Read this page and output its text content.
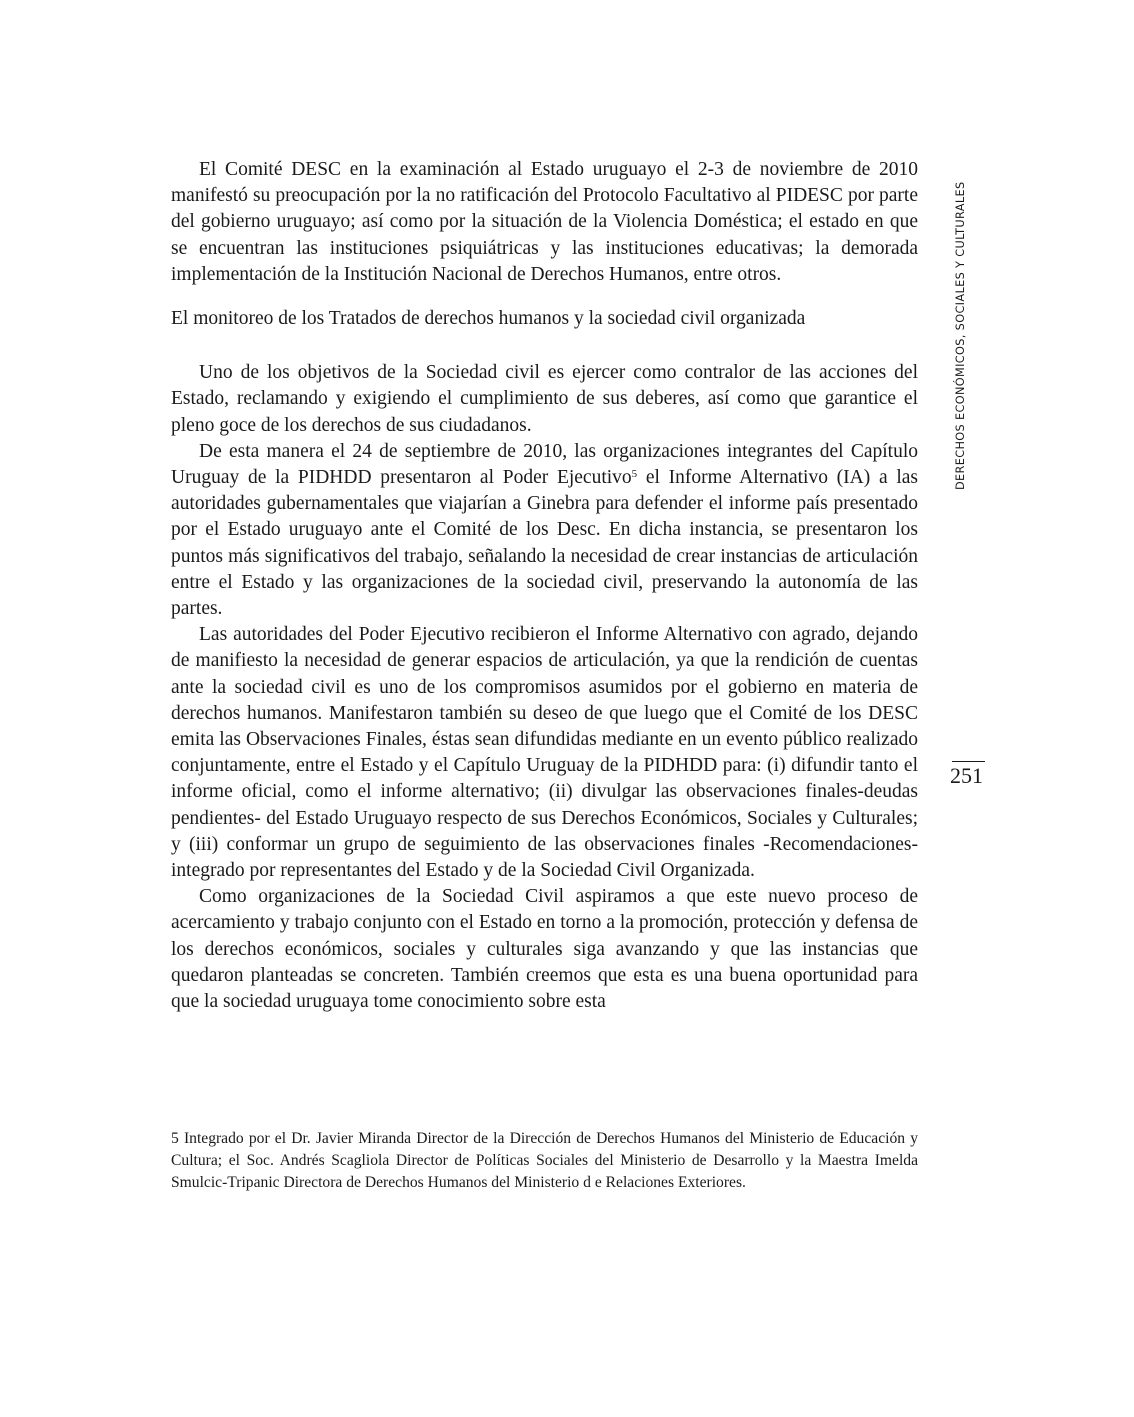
El Comité DESC en la examinación al Estado uruguayo el 2-3 de noviembre de 2010 manifestó su preocupación por la no ratificación del Protocolo Facultativo al PIDESC por parte del gobierno uruguayo; así como por la situación de la Violencia Doméstica; el estado en que se encuentran las instituciones psiquiátricas y las instituciones educativas; la demorada implementación de la Institución Nacional de Derechos Humanos, entre otros.

El monitoreo de los Tratados de derechos humanos y la sociedad civil organizada

Uno de los objetivos de la Sociedad civil es ejercer como contralor de las acciones del Estado, reclamando y exigiendo el cumplimiento de sus deberes, así como que garantice el pleno goce de los derechos de sus ciudadanos.

De esta manera el 24 de septiembre de 2010, las organizaciones integrantes del Capítulo Uruguay de la PIDHDD presentaron al Poder Ejecutivo$^5$ el Informe Alternativo (IA) a las autoridades gubernamentales que viajarían a Ginebra para defender el informe país presentado por el Estado uruguayo ante el Comité de los Desc. En dicha instancia, se presentaron los puntos más significativos del trabajo, señalando la necesidad de crear instancias de articulación entre el Estado y las organizaciones de la sociedad civil, preservando la autonomía de las partes.

Las autoridades del Poder Ejecutivo recibieron el Informe Alternativo con agrado, dejando de manifiesto la necesidad de generar espacios de articulación, ya que la rendición de cuentas ante la sociedad civil es uno de los compromisos asumidos por el gobierno en materia de derechos humanos. Manifestaron también su deseo de que luego que el Comité de los DESC emita las Observaciones Finales, éstas sean difundidas mediante en un evento público realizado conjuntamente, entre el Estado y el Capítulo Uruguay de la PIDHDD para: (i) difundir tanto el informe oficial, como el informe alternativo; (ii) divulgar las observaciones finales-deudas pendientes- del Estado Uruguayo respecto de sus Derechos Económicos, Sociales y Culturales; y (iii) conformar un grupo de seguimiento de las observaciones finales -Recomendaciones- integrado por representantes del Estado y de la Sociedad Civil Organizada.

Como organizaciones de la Sociedad Civil aspiramos a que este nuevo proceso de acercamiento y trabajo conjunto con el Estado en torno a la promoción, protección y defensa de los derechos económicos, sociales y culturales siga avanzando y que las instancias que quedaron planteadas se concreten. También creemos que esta es una buena oportunidad para que la sociedad uruguaya tome conocimiento sobre esta

5 Integrado por el Dr. Javier Miranda Director de la Dirección de Derechos Humanos del Ministerio de Educación y Cultura; el Soc. Andrés Scagliola Director de Políticas Sociales del Ministerio de Desarrollo y la Maestra Imelda Smulcic-Tripanic Directora de Derechos Humanos del Ministerio d e Relaciones Exteriores.

DERECHOS ECONÓMICOS, SOCIALES Y CULTURALES
251
